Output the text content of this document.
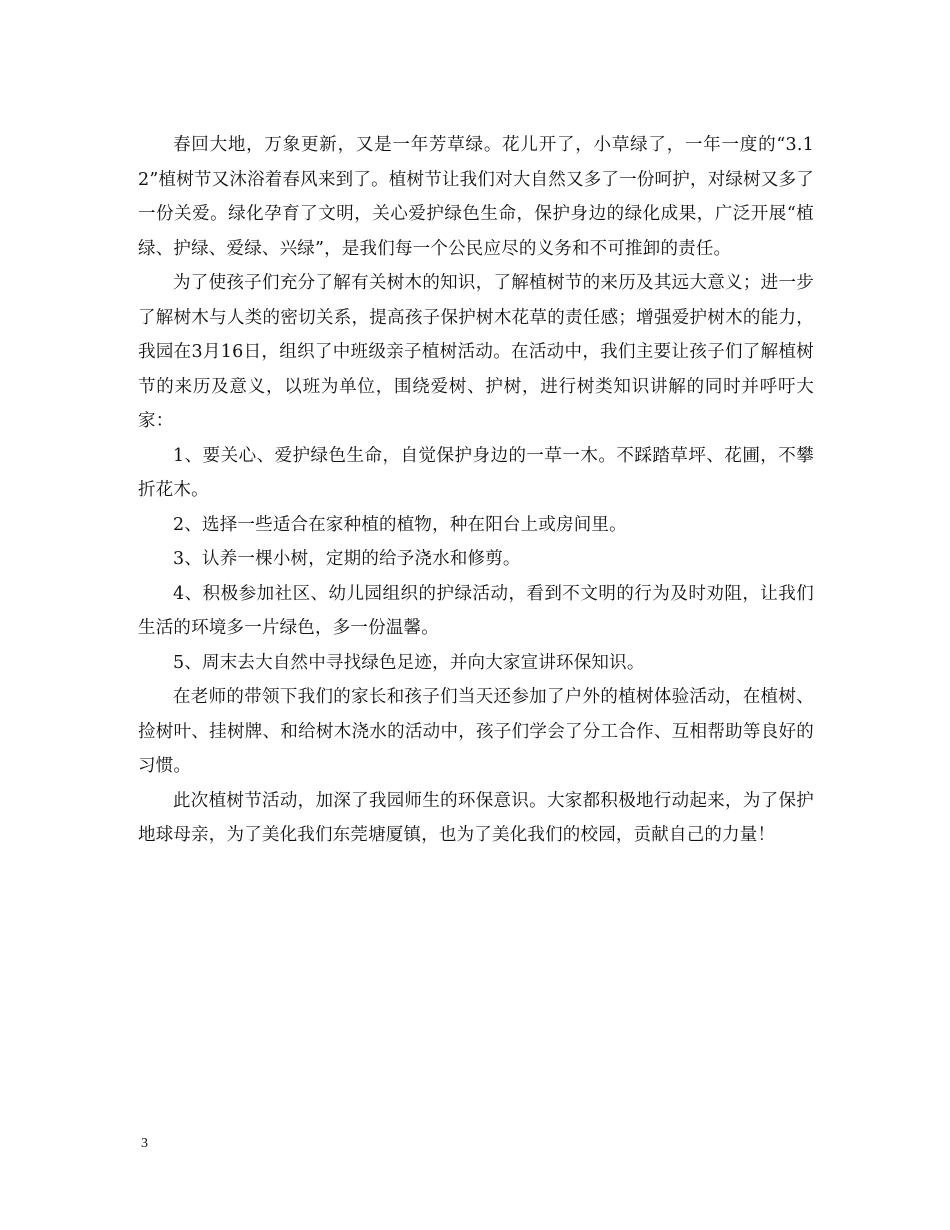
春回大地，万象更新，又是一年芳草绿。花儿开了，小草绿了，一年一度的“3.12”植树节又沐浴着春风来到了。植树节让我们对大自然又多了一份呵护，对绿树又多了一份关爱。绿化孕育了文明，关心爱护绿色生命，保护身边的绿化成果，广泛开展“植绿、护绿、爱绿、兴绿”，是我们每一个公民应尽的义务和不可推卸的责任。

为了使孩子们充分了解有关树木的知识，了解植树节的来历及其远大意义；进一步了解树木与人类的密切关系，提高孩子保护树木花草的责任感；增强爱护树木的能力，我园在3月16日，组织了中班级亲子植树活动。在活动中，我们主要让孩子们了解植树节的来历及意义，以班为单位，围绕爱树、护树，进行树类知识讲解的同时并呼吁大家：

1、要关心、爱护绿色生命，自觉保护身边的一草一木。不踩踏草坪、花圃，不攀折花木。

2、选择一些适合在家种植的植物，种在阳台上或房间里。

3、认养一棵小树，定期的给予浇水和修剪。

4、积极参加社区、幼儿园组织的护绿活动，看到不文明的行为及时劝阻，让我们生活的环境多一片绿色，多一份温馨。

5、周末去大自然中寻找绿色足迹，并向大家宣讲环保知识。

在老师的带领下我们的家长和孩子们当天还参加了户外的植树体验活动，在植树、捡树叶、挂树牌、和给树木浇水的活动中，孩子们学会了分工合作、互相帮助等良好的习惯。

此次植树节活动，加深了我园师生的环保意识。大家都积极地行动起来，为了保护地球母亲，为了美化我们东莞塘厦镇，也为了美化我们的校园，贡献自己的力量！

3
